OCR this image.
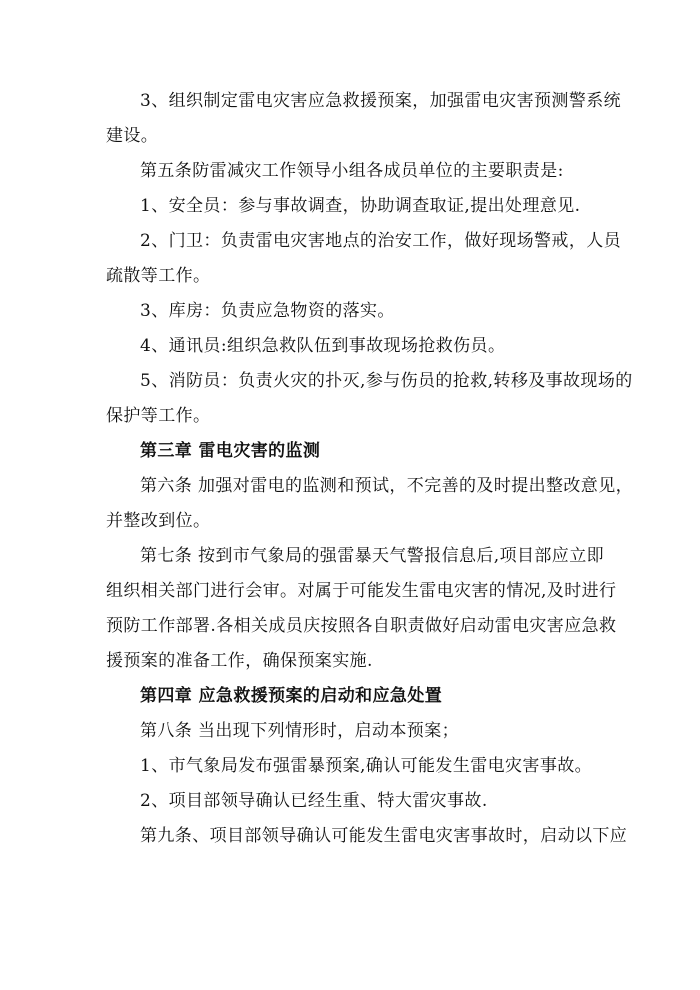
3、组织制定雷电灾害应急救援预案，加强雷电灾害预测警系统
建设。
第五条防雷减灾工作领导小组各成员单位的主要职责是:
1、安全员：参与事故调查，协助调查取证,提出处理意见.
2、门卫：负责雷电灾害地点的治安工作，做好现场警戒，人员
疏散等工作。
3、库房：负责应急物资的落实。
4、通讯员:组织急救队伍到事故现场抢救伤员。
5、消防员：负责火灾的扑灭,参与伤员的抢救,转移及事故现场的
保护等工作。
第三章 雷电灾害的监测
第六条 加强对雷电的监测和预试，不完善的及时提出整改意见，
并整改到位。
第七条 按到市气象局的强雷暴天气警报信息后,项目部应立即
组织相关部门进行会审。对属于可能发生雷电灾害的情况,及时进行
预防工作部署.各相关成员庆按照各自职责做好启动雷电灾害应急救
援预案的准备工作，确保预案实施.
第四章 应急救援预案的启动和应急处置
第八条 当出现下列情形时，启动本预案；
1、市气象局发布强雷暴预案,确认可能发生雷电灾害事故。
2、项目部领导确认已经生重、特大雷灾事故.
第九条、项目部领导确认可能发生雷电灾害事故时，启动以下应
